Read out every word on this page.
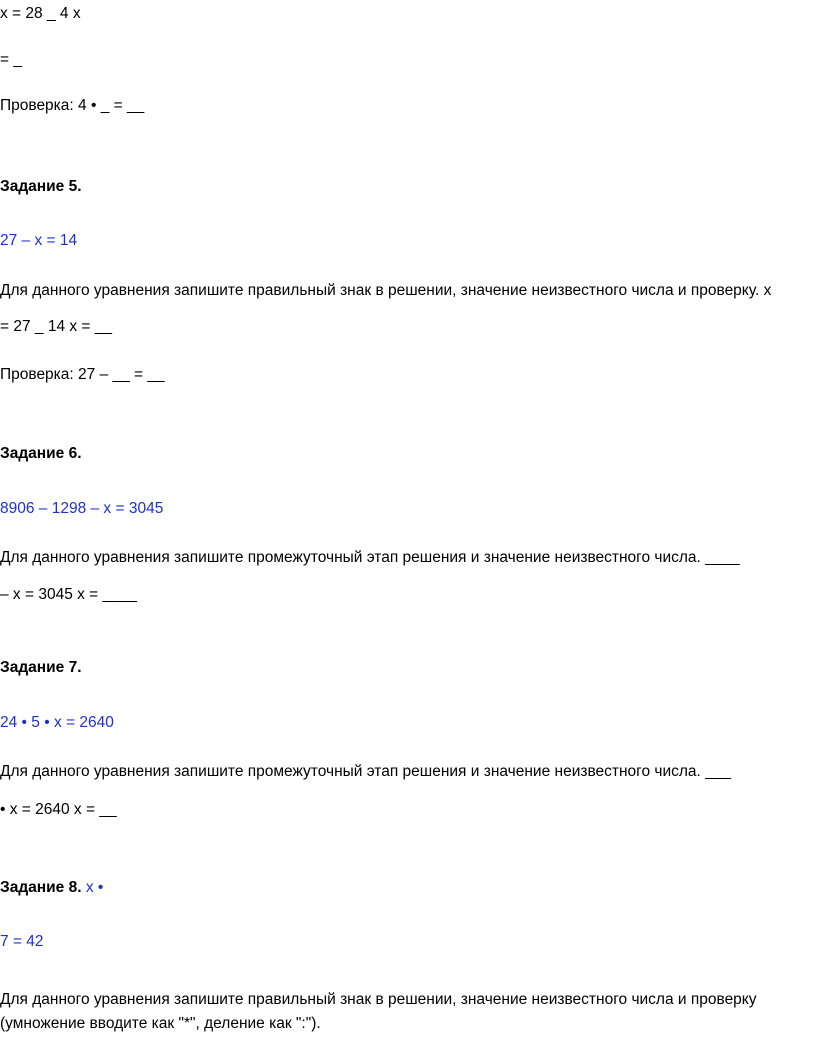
x = 28 _ 4 x
= _
Проверка: 4 • _ = __
Задание 5.
27 – x = 14
Для данного уравнения запишите правильный знак в решении, значение неизвестного числа и проверку. x
= 27 _ 14 x = __
Проверка: 27 – __ = __
Задание 6.
8906 – 1298 – x = 3045
Для данного уравнения запишите промежуточный этап решения и значение неизвестного числа. ____
– x = 3045 x = ____
Задание 7.
24 • 5 • x = 2640
Для данного уравнения запишите промежуточный этап решения и значение неизвестного числа. ___
• x = 2640 x = __
Задание 8. x •
7 = 42
Для данного уравнения запишите правильный знак в решении, значение неизвестного числа и проверку
(умножение вводите как "*", деление как ":").
